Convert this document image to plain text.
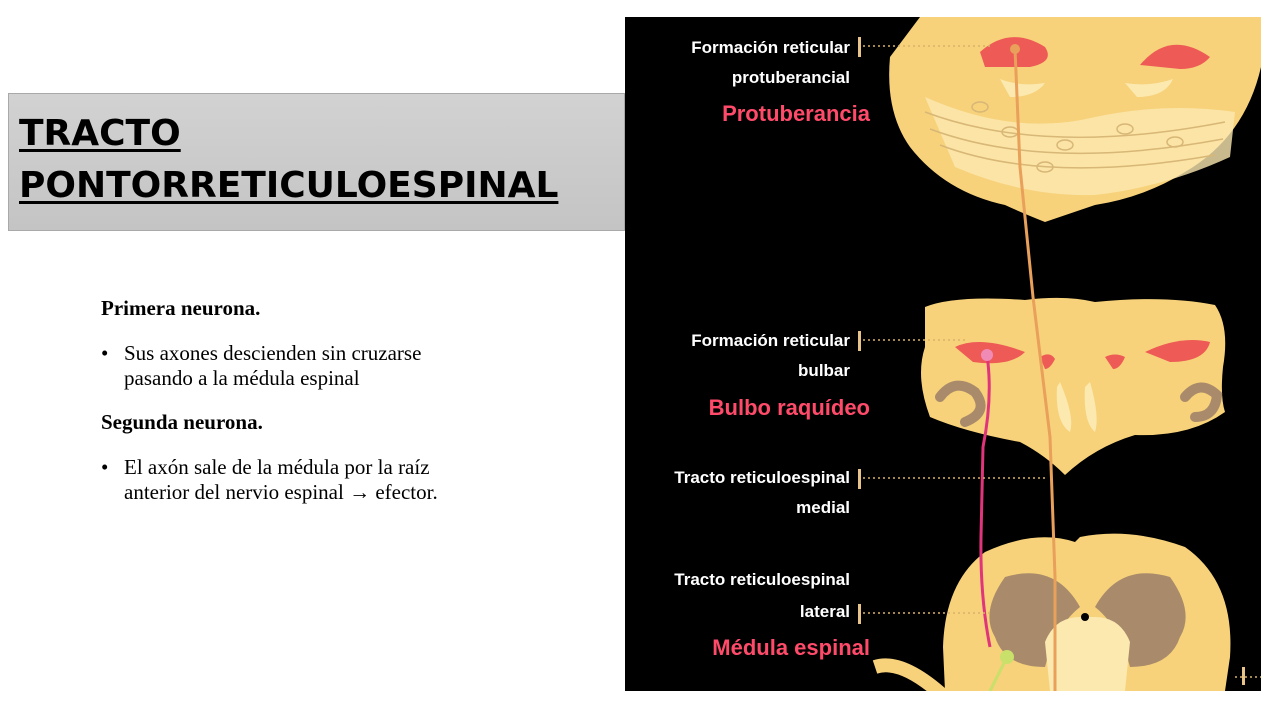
TRACTO
PONTORRETICULOESPINAL

Primera neurona.

• Sus axones descienden sin cruzarse
pasando a la médula espinal

Segunda neurona.

• El axón sale de la médula por la raíz
anterior del nervio espinal → efector.
Formación reticular
protuberancial
Protuberancia
Formación reticular
bulbar
Bulbo raquídeo
Tracto reticuloespinal
medial
Tracto reticuloespinal
lateral
Médula espinal
